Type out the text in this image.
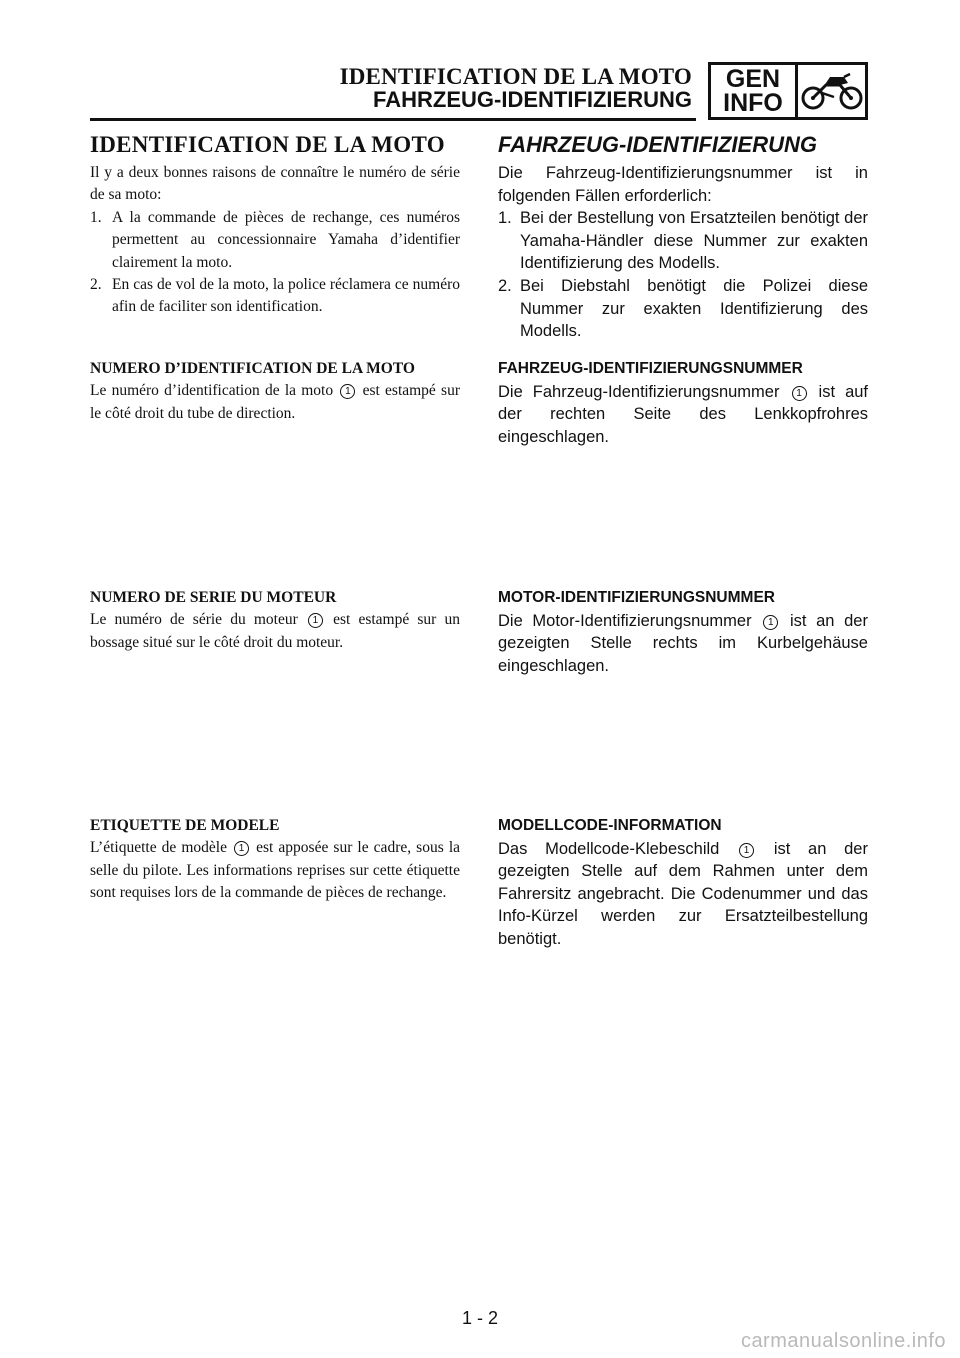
IDENTIFICATION DE LA MOTO
FAHRZEUG-IDENTIFIZIERUNG
GEN
INFO
IDENTIFICATION DE LA MOTO

Il y a deux bonnes raisons de connaître le numéro de série de sa moto:

1. A la commande de pièces de rechange, ces numéros permettent au concessionnaire Yamaha d’identifier clairement la moto.
2. En cas de vol de la moto, la police réclamera ce numéro afin de faciliter son identification.

NUMERO D’IDENTIFICATION DE LA MOTO

Le numéro d’identification de la moto 1 est estampé sur le côté droit du tube de direction.

NUMERO DE SERIE DU MOTEUR

Le numéro de série du moteur 1 est estampé sur un bossage situé sur le côté droit du moteur.

ETIQUETTE DE MODELE

L’étiquette de modèle 1 est apposée sur le cadre, sous la selle du pilote. Les informations reprises sur cette étiquette sont requises lors de la commande de pièces de rechange.

FAHRZEUG-IDENTIFIZIERUNG

Die Fahrzeug-Identifizierungsnummer ist in folgenden Fällen erforderlich:

1. Bei der Bestellung von Ersatzteilen benötigt der Yamaha-Händler diese Nummer zur exakten Identifizierung des Modells.
2. Bei Diebstahl benötigt die Polizei diese Nummer zur exakten Identifizierung des Modells.

FAHRZEUG-IDENTIFIZIERUNGSNUMMER

Die Fahrzeug-Identifizierungsnummer 1 ist auf der rechten Seite des Lenkkopfrohres eingeschlagen.

MOTOR-IDENTIFIZIERUNGSNUMMER

Die Motor-Identifizierungsnummer 1 ist an der gezeigten Stelle rechts im Kurbelgehäuse eingeschlagen.

MODELLCODE-INFORMATION

Das Modellcode-Klebeschild 1 ist an der gezeigten Stelle auf dem Rahmen unter dem Fahrersitz angebracht. Die Codenummer und das Info-Kürzel werden zur Ersatzteilbestellung benötigt.

1 - 2
carmanualsonline.info
